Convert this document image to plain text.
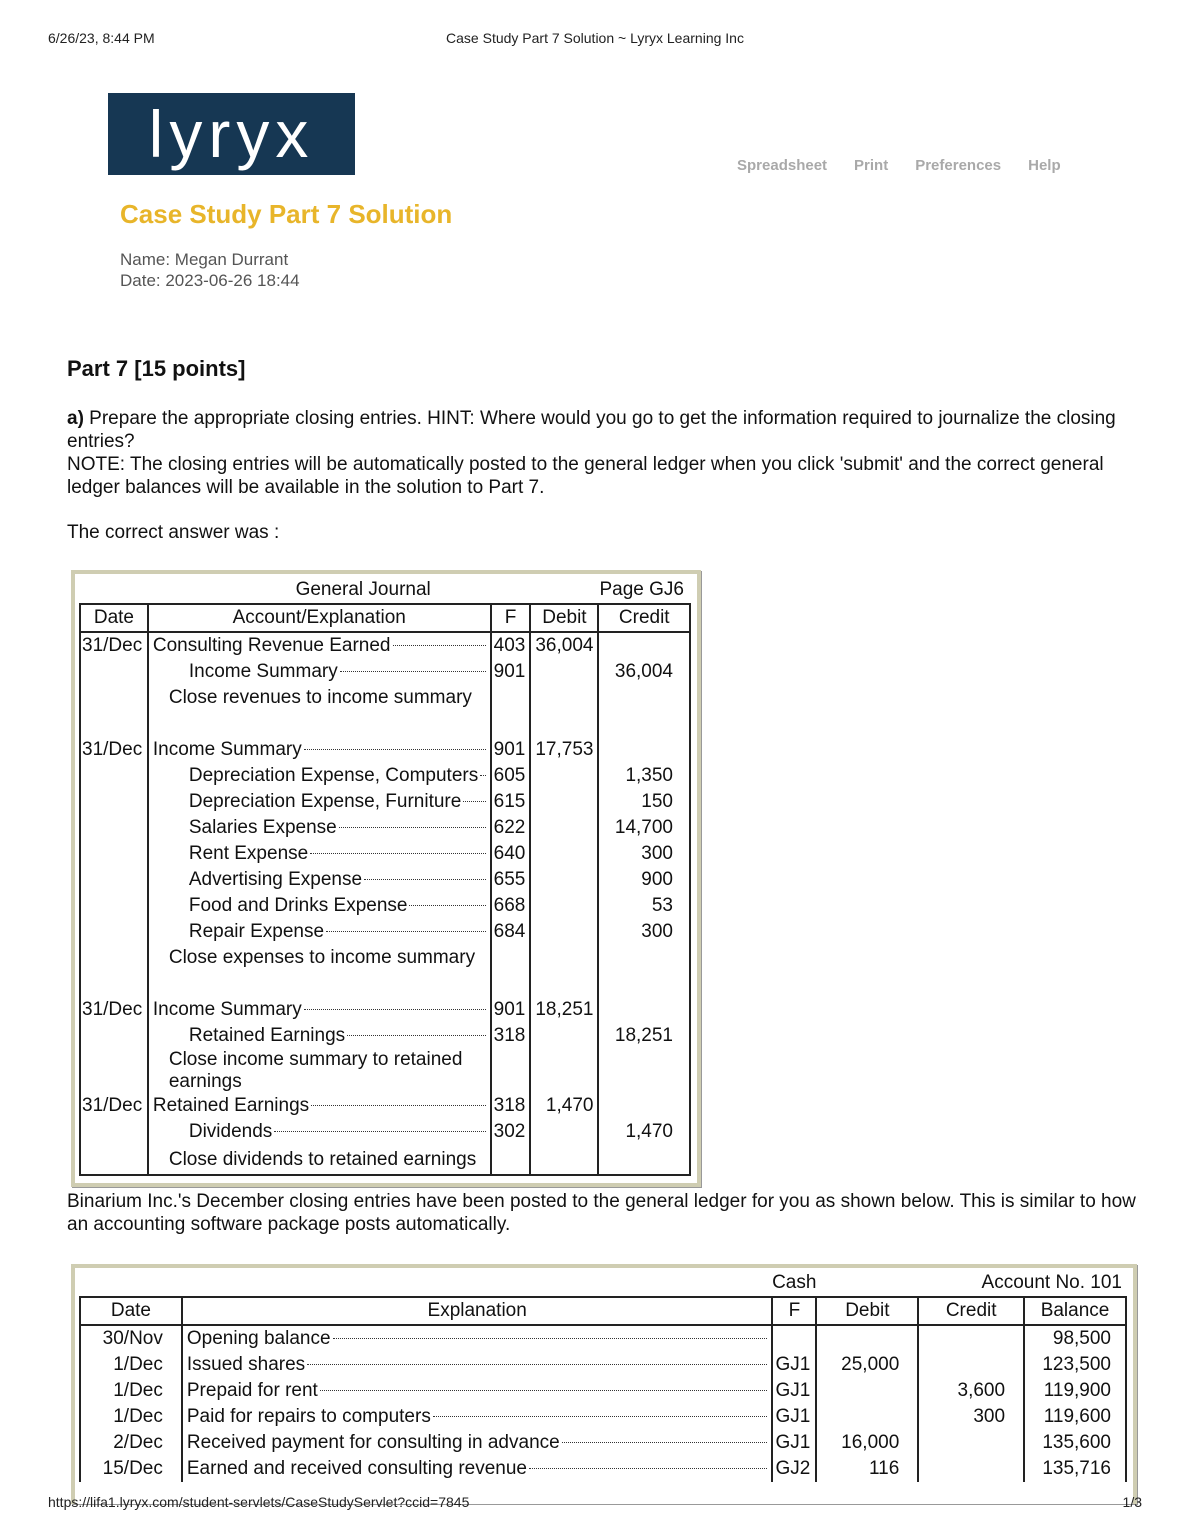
6/26/23, 8:44 PM	Case Study Part 7 Solution ~ Lyryx Learning Inc
lyryx	Spreadsheet Print Preferences Help
Case Study Part 7 Solution
Name: Megan Durrant
Date: 2023-06-26 18:44
Part 7 [15 points]
a) Prepare the appropriate closing entries. HINT: Where would you go to get the information required to journalize the closing entries?
NOTE: The closing entries will be automatically posted to the general ledger when you click 'submit' and the correct general ledger balances will be available in the solution to Part 7.

The correct answer was :

General Journal			Page GJ6	
Date	Account/Explanation	F	Debit	Credit
31/Dec	Consulting Revenue Earned	403	36,004	

	Income Summary	901		36,004
	Close revenues to income summary			

31/Dec	Income Summary	901	17,753	

	Depreciation Expense, Computers	605		1,350

	Depreciation Expense, Furniture	615		150

	Salaries Expense	622		14,700

	Rent Expense	640		300

	Advertising Expense	655		900

	Food and Drinks Expense	668		53

	Repair Expense	684		300
	Close expenses to income summary			

31/Dec	Income Summary	901	18,251	

	Retained Earnings	318		18,251
	Close income summary to retained earnings			
31/Dec	Retained Earnings	318	1,470	

	Dividends	302		1,470
	Close dividends to retained earnings			

Binarium Inc.'s December closing entries have been posted to the general ledger for you as shown below. This is similar to how an accounting software package posts automatically.

Cash			Account No. 101		
Date	Explanation	F	Debit	Credit	Balance
30/Nov	Opening balance				98,500
1/Dec	Issued shares	GJ1	25,000		123,500
1/Dec	Prepaid for rent	GJ1		3,600	119,900
1/Dec	Paid for repairs to computers	GJ1		300	119,600
2/Dec	Received payment for consulting in advance	GJ1	16,000		135,600
15/Dec	Earned and received consulting revenue	GJ2	116		135,716
https://lifa1.lyryx.com/student-servlets/CaseStudyServlet?ccid=7845	1/3
